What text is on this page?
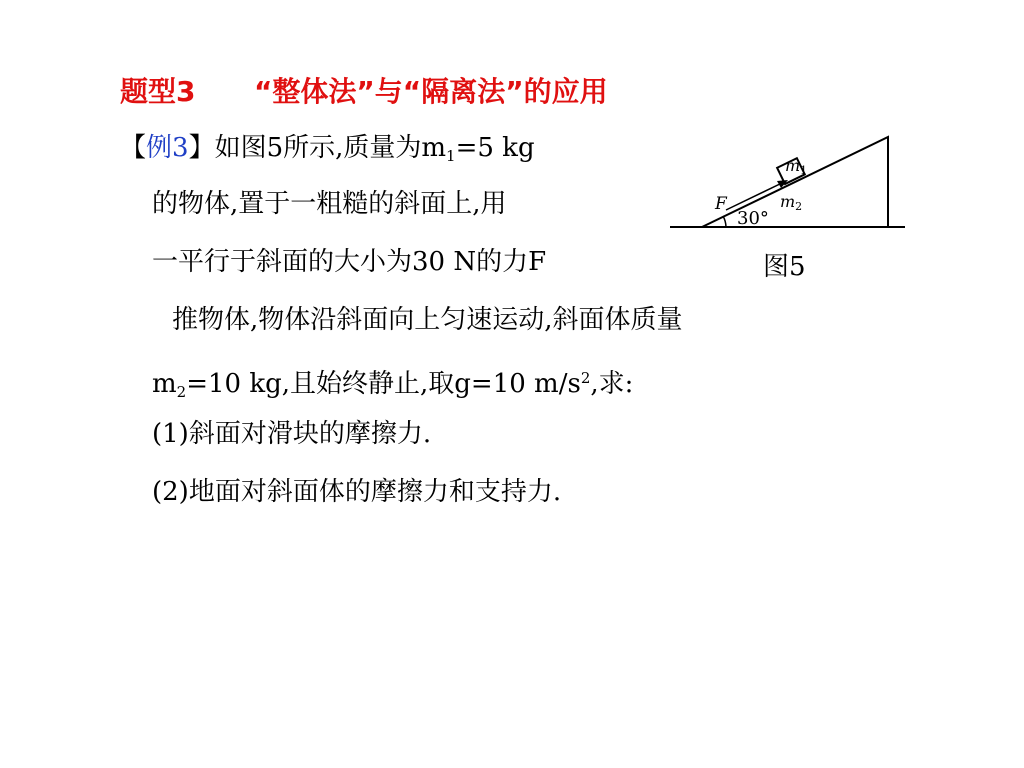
题型3 “整体法”与“隔离法”的应用
【例3】如图5所示,质量为$m_1=5$ kg
的物体,置于一粗糙的斜面上,用
一平行于斜面的大小为30 N的力F
推物体,物体沿斜面向上匀速运动,斜面体质量
$m_2=10$ kg,且始终静止,取g=10 $m/s^2$,求:
(1)斜面对滑块的摩擦力.
(2)地面对斜面体的摩擦力和支持力.
m1
F
30°
m2
图5
